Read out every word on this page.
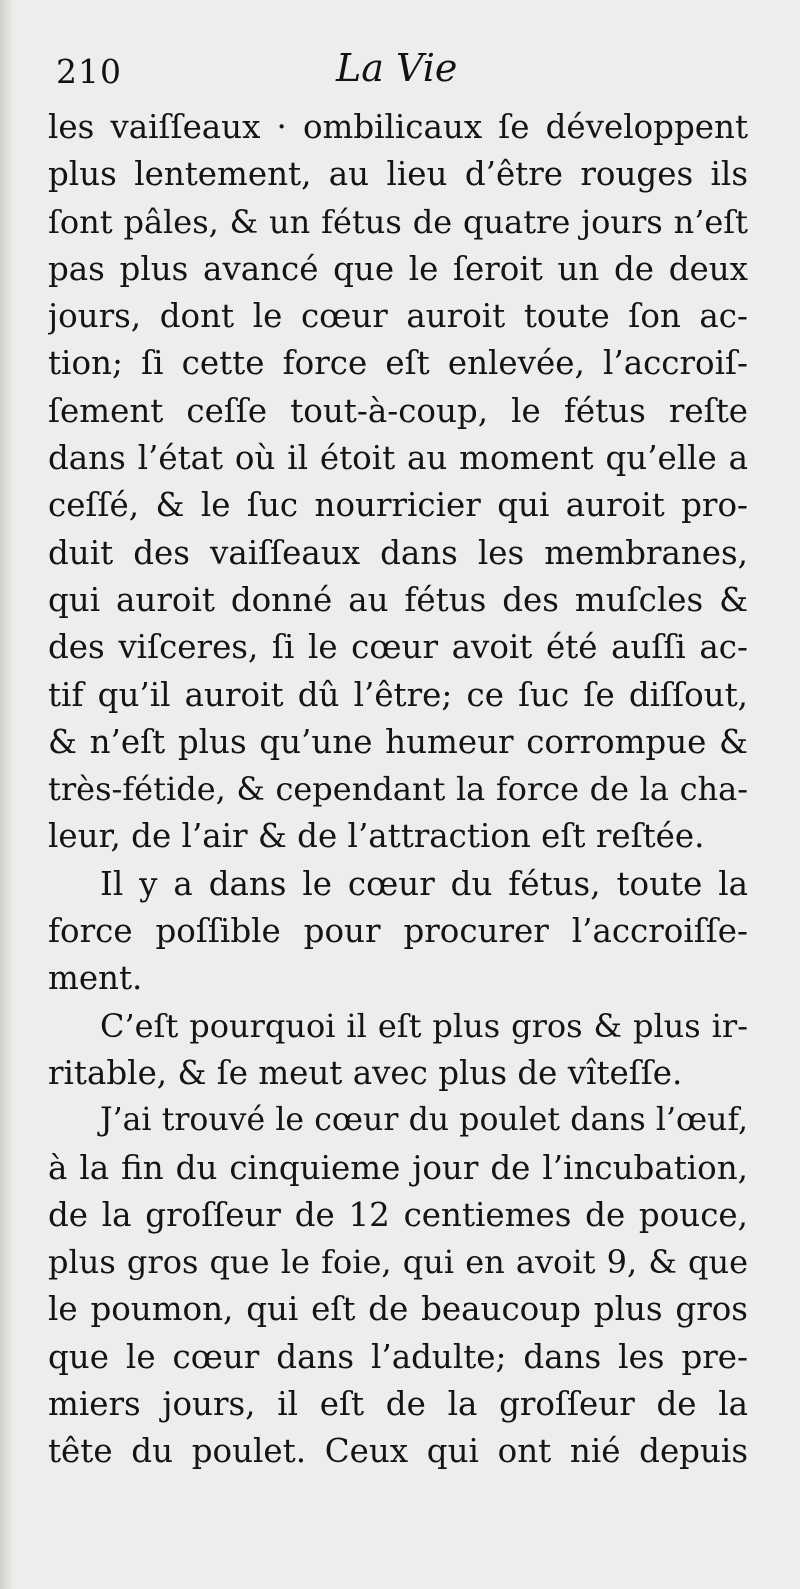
210	La Vie
les vaiſſeaux · ombilicaux ſe développent
plus lentement, au lieu d’être rouges ils
ſont pâles, & un fétus de quatre jours n’eſt
pas plus avancé que le ſeroit un de deux
jours, dont le cœur auroit toute ſon ac-
tion; ſi cette force eſt enlevée, l’accroiſ-
ſement ceſſe tout-à-coup, le fétus reſte
dans l’état où il étoit au moment qu’elle a
ceſſé, & le ſuc nourricier qui auroit pro-
duit des vaiſſeaux dans les membranes,
qui auroit donné au fétus des muſcles &
des viſceres, ſi le cœur avoit été auſſi ac-
tif qu’il auroit dû l’être; ce ſuc ſe diſſout,
& n’eſt plus qu’une humeur corrompue &
très-fétide, & cependant la force de la cha-
leur, de l’air & de l’attraction eſt reſtée.
Il y a dans le cœur du fétus, toute la
force poſſible pour procurer l’accroiſſe-
ment.
C’eſt pourquoi il eſt plus gros & plus ir-
ritable, & ſe meut avec plus de vîteſſe.
J’ai trouvé le cœur du poulet dans l’œuf,
à la fin du cinquieme jour de l’incubation,
de la groſſeur de 12 centiemes de pouce,
plus gros que le foie, qui en avoit 9, & que
le poumon, qui eſt de beaucoup plus gros
que le cœur dans l’adulte; dans les pre-
miers jours, il eſt de la groſſeur de la
tête du poulet. Ceux qui ont nié depuis
